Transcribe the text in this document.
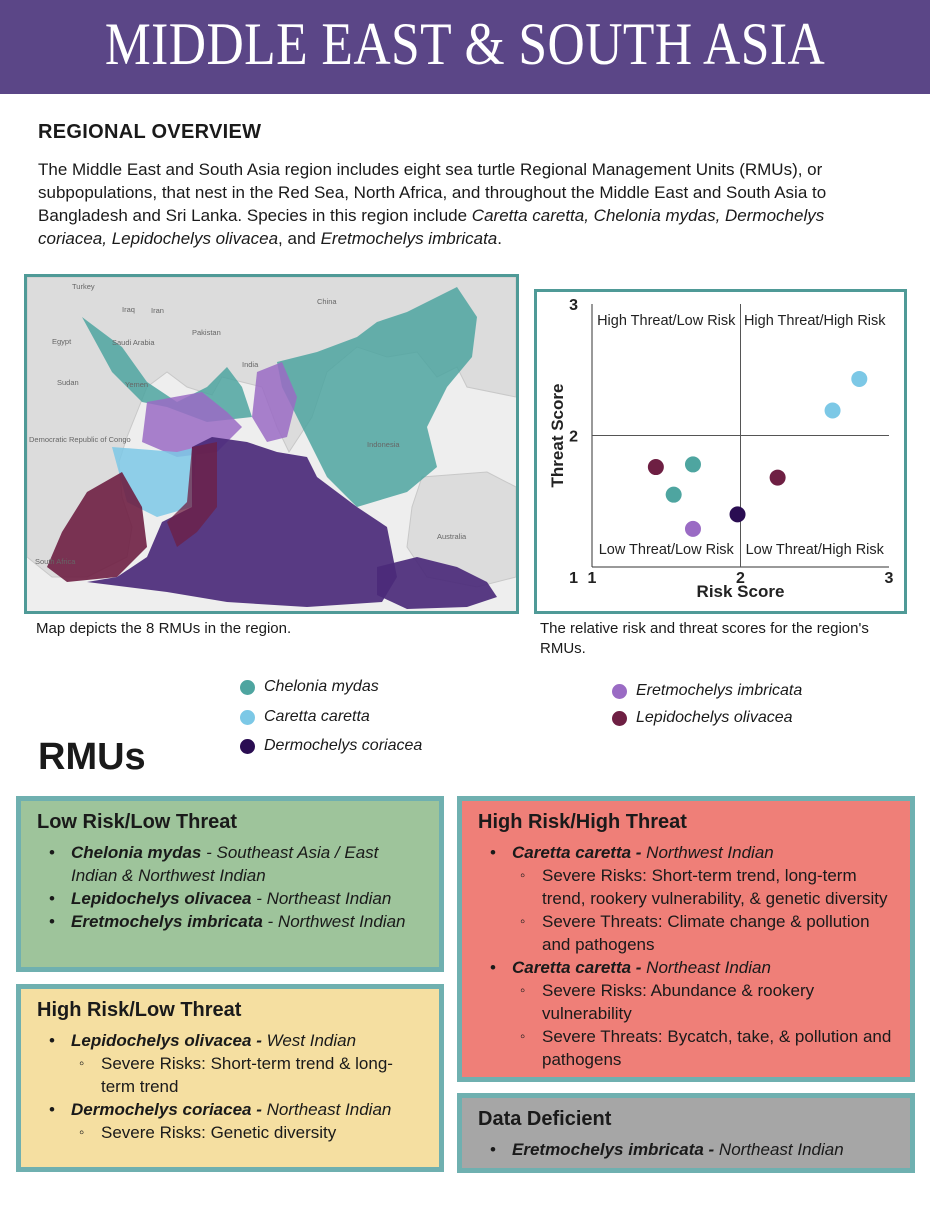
MIDDLE EAST & SOUTH ASIA
REGIONAL OVERVIEW

The Middle East and South Asia region includes eight sea turtle Regional Management Units (RMUs), or subpopulations, that nest in the Red Sea, North Africa, and throughout the Middle East and South Asia to Bangladesh and Sri Lanka. Species in this region include Caretta caretta, Chelonia mydas, Dermochelys coriacea, Lepidochelys olivacea, and Eretmochelys imbricata.

Turkey
Iraq Iran
China
Egypt	Saudi Arabia
Pakistan
Sudan	Yemen
India
Democratic Republic of Congo
Indonesia
Australia
South Africa
Map depicts the 8 RMUs in the region.
1	2	3
1
2
3
Risk Score
Threat Score
High Threat/Low Risk High Threat/High Risk
Low Threat/Low Risk Low Threat/High Risk
The relative risk and threat scores for the region's RMUs.
Chelonia mydas
Caretta caretta
Dermochelys coriacea
Eretmochelys imbricata
Lepidochelys olivacea
RMUs
Low Risk/Low Threat
• Chelonia mydas - Southeast Asia / East Indian & Northwest Indian
• Lepidochelys olivacea - Northeast Indian
• Eretmochelys imbricata - Northwest Indian
High Risk/Low Threat
• Lepidochelys olivacea - West Indian
◦ Severe Risks: Short-term trend & long-term trend
• Dermochelys coriacea - Northeast Indian
◦ Severe Risks: Genetic diversity
High Risk/High Threat
• Caretta caretta - Northwest Indian
◦ Severe Risks: Short-term trend, long-term trend, rookery vulnerability, & genetic diversity
◦ Severe Threats: Climate change & pollution and pathogens
• Caretta caretta - Northeast Indian
◦ Severe Risks: Abundance & rookery vulnerability
◦ Severe Threats: Bycatch, take, & pollution and pathogens
Data Deficient
• Eretmochelys imbricata - Northeast Indian
